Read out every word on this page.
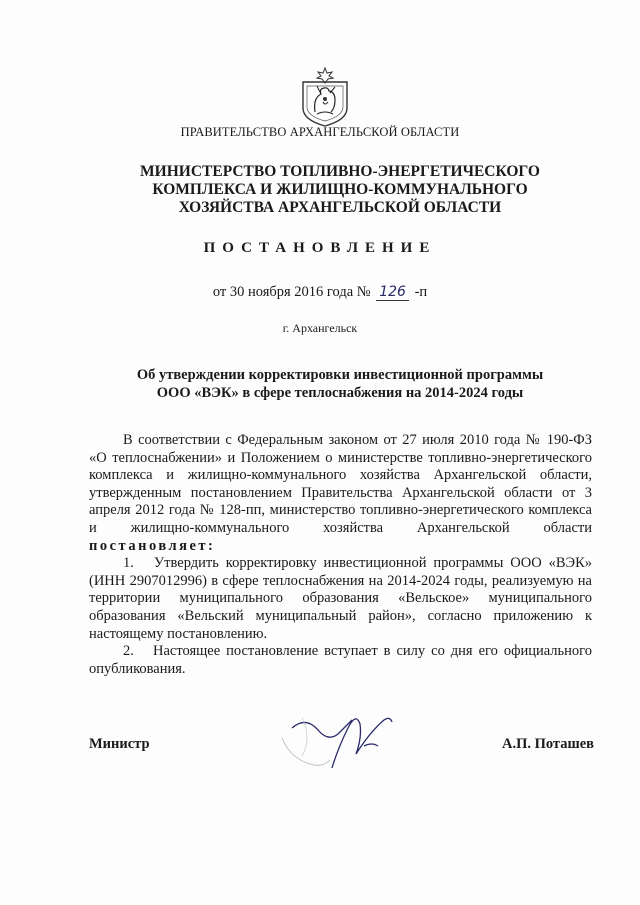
ПРАВИТЕЛЬСТВО АРХАНГЕЛЬСКОЙ ОБЛАСТИ
МИНИСТЕРСТВО ТОПЛИВНО-ЭНЕРГЕТИЧЕСКОГО
КОМПЛЕКСА И ЖИЛИЩНО-КОММУНАЛЬНОГО
ХОЗЯЙСТВА АРХАНГЕЛЬСКОЙ ОБЛАСТИ
ПОСТАНОВЛЕНИЕ
от 30 ноября 2016 года № 126 -п
г. Архангельск
Об утверждении корректировки инвестиционной программы
ООО «ВЭК» в сфере теплоснабжения на 2014-2024 годы

В соответствии с Федеральным законом от 27 июля 2010 года № 190-ФЗ «О теплоснабжении» и Положением о министерстве топливно-энергетического комплекса и жилищно-коммунального хозяйства Архангельской области, утвержденным постановлением Правительства Архангельской области от 3 апреля 2012 года № 128-пп, министерство топливно-энергетического комплекса и жилищно-коммунального хозяйства Архангельской области постановляет:

1. Утвердить корректировку инвестиционной программы ООО «ВЭК» (ИНН 2907012996) в сфере теплоснабжения на 2014-2024 годы, реализуемую на территории муниципального образования «Вельское» муниципального образования «Вельский муниципальный район», согласно приложению к настоящему постановлению.

2. Настоящее постановление вступает в силу со дня его официального опубликования.

Министр	А.П. Поташев
